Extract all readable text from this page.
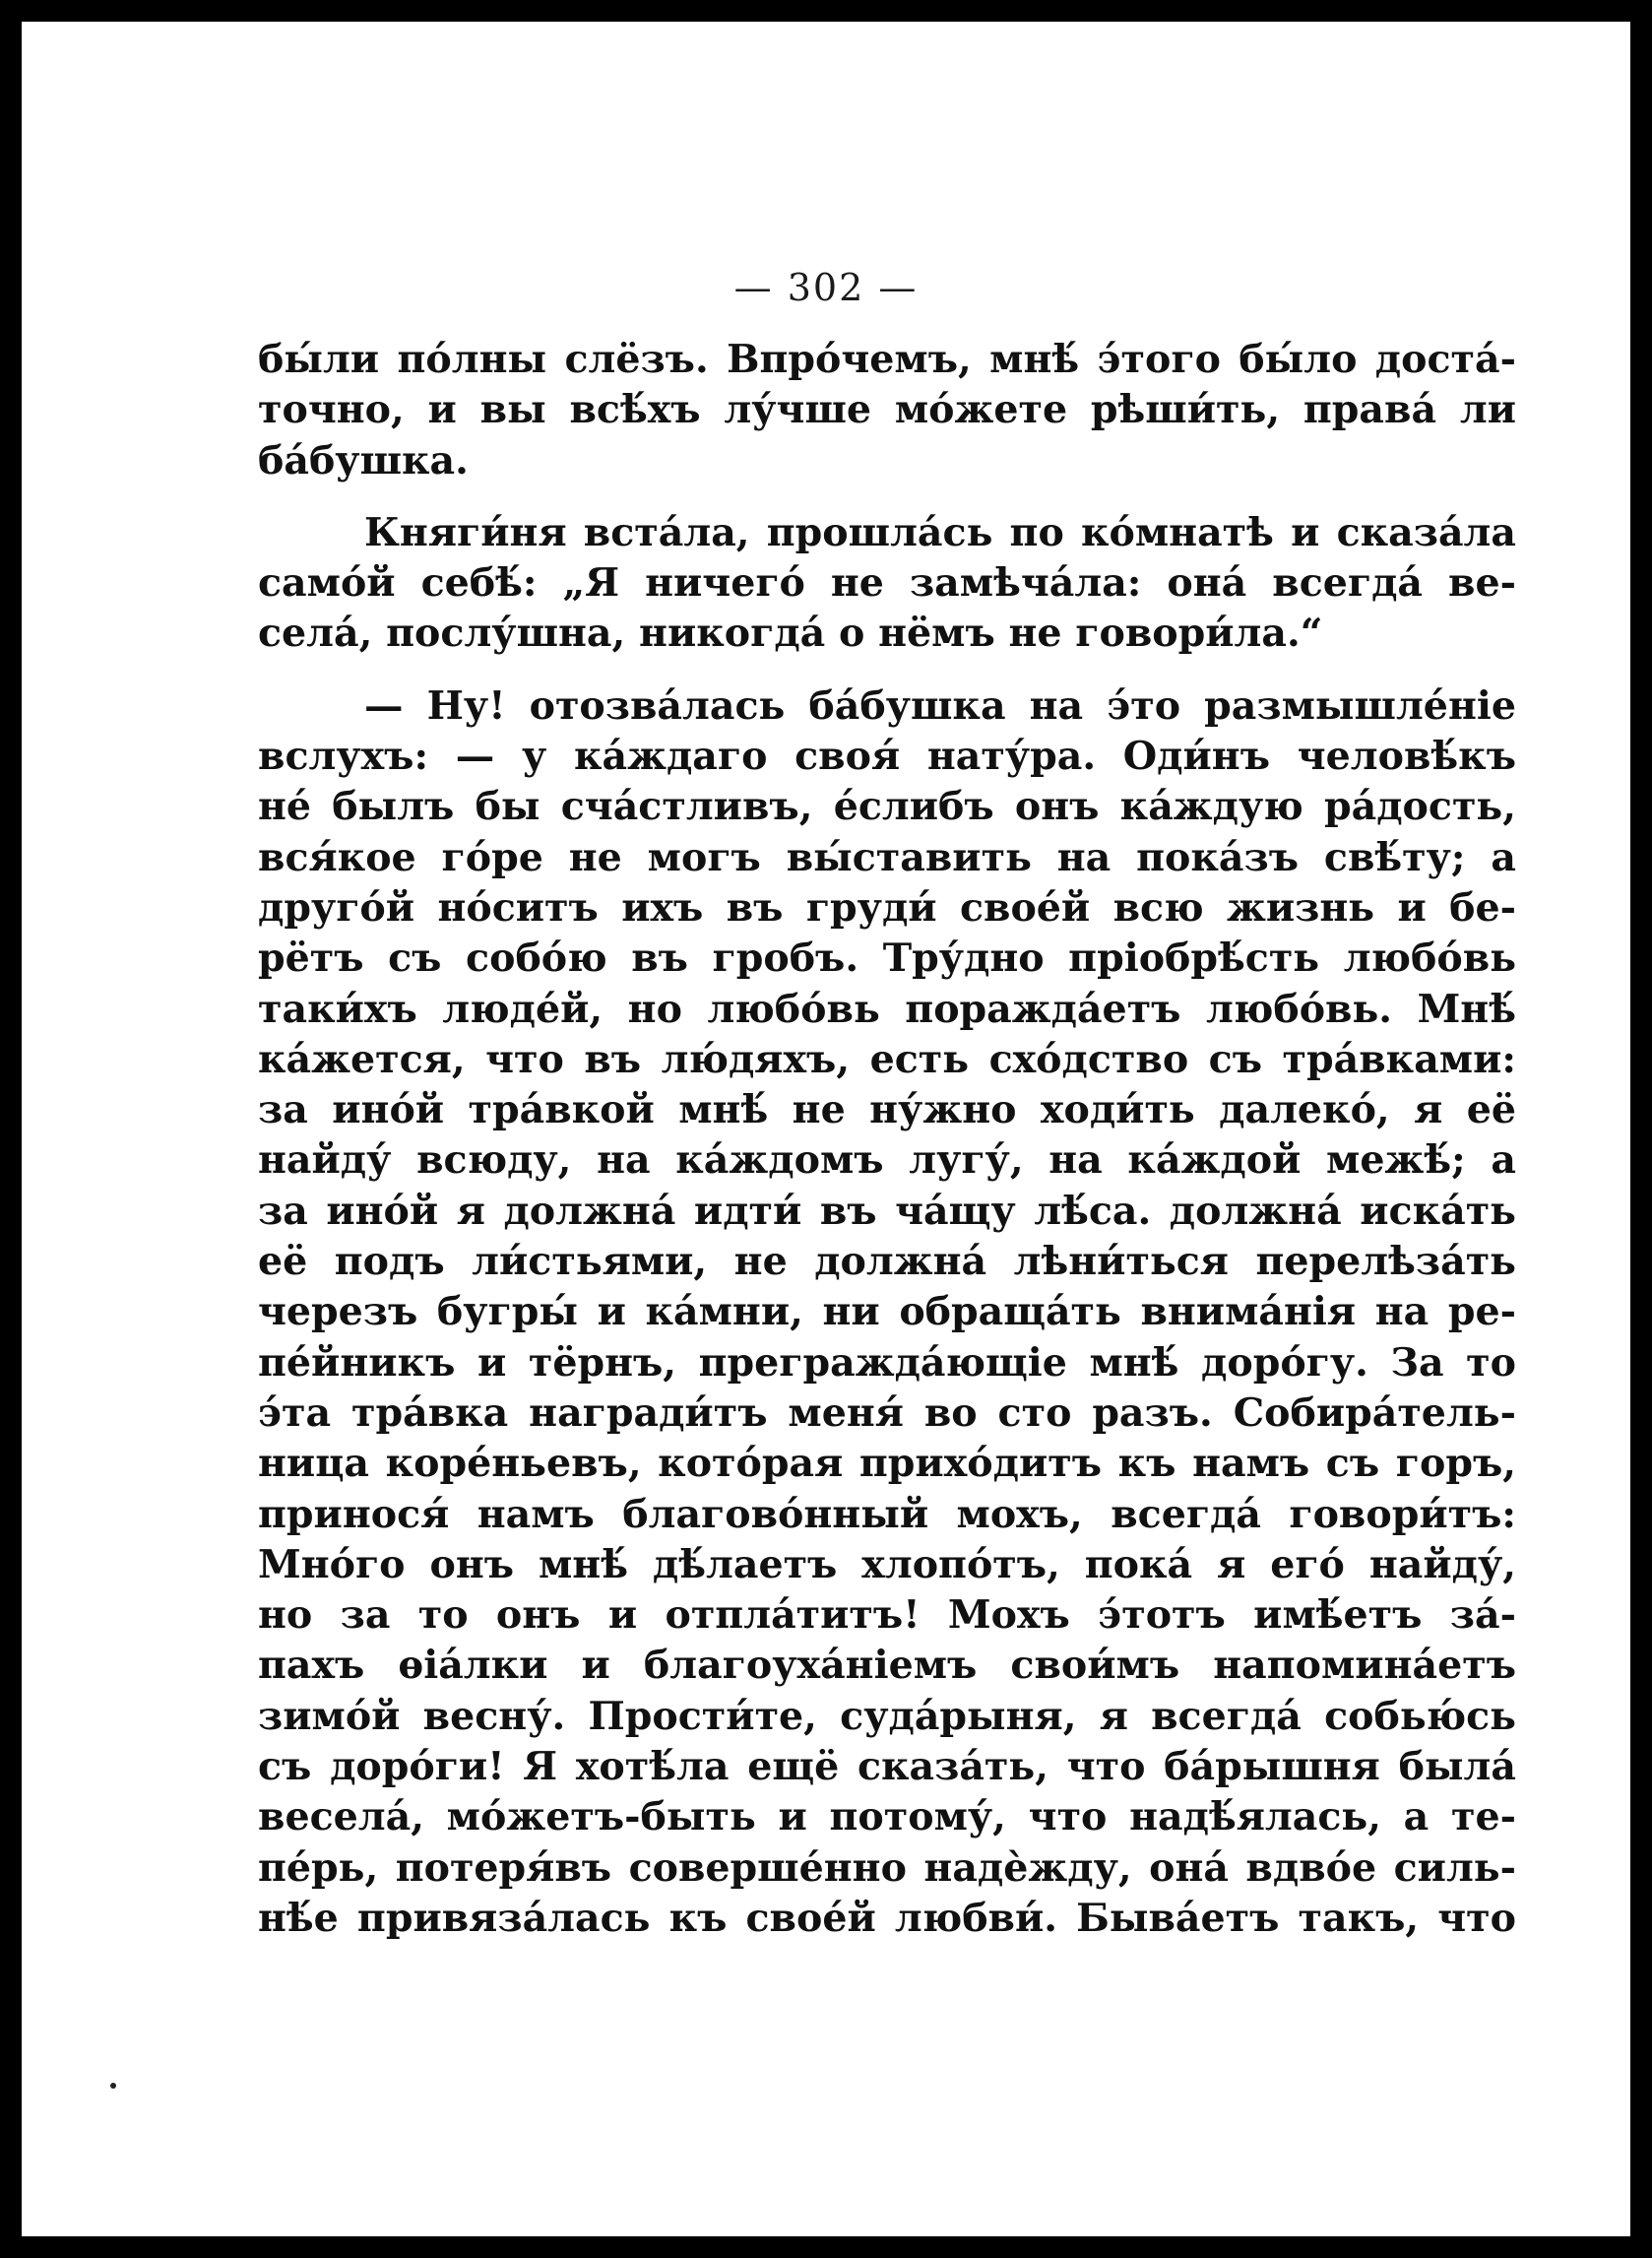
— 302 —

бы́ли по́лны слёзъ. Впро́чемъ, мнѣ́ э́того бы́ло доста́-
точно, и вы всѣ́хъ лу́чше мо́жете рѣши́ть, права́ ли
ба́бушка.

Княги́ня вста́ла, прошла́сь по ко́мнатѣ и сказа́ла
само́й себѣ́: „Я ничего́ не замѣча́ла: она́ всегда́ ве-
села́, послу́шна, никогда́ о нёмъ не говори́ла.“

— Ну! отозва́лась ба́бушка на э́то размышле́ніе
вслухъ: — у ка́ждаго своя́ нату́ра. Оди́нъ человѣ́къ
не́ былъ бы сча́стливъ, е́слибъ онъ ка́ждую ра́дость,
вся́кое го́ре не могъ вы́ставить на пока́зъ свѣ́ту; а
друго́й но́ситъ ихъ въ груди́ свое́й всю жизнь и бе-
рётъ съ собо́ю въ гробъ. Тру́дно пріобрѣ́сть любо́вь
таки́хъ люде́й, но любо́вь поражда́етъ любо́вь. Мнѣ́
ка́жется, что въ лю́дяхъ, есть схо́дство съ тра́вками:
за ино́й тра́вкой мнѣ́ не ну́жно ходи́ть далеко́, я её
найду́ всюду, на ка́ждомъ лугу́, на ка́ждой межѣ́; а
за ино́й я должна́ идти́ въ ча́щу лѣ́са. должна́ иска́ть
её подъ ли́стьями, не должна́ лѣни́ться перелѣза́ть
черезъ бугры́ и ка́мни, ни обраща́ть внима́нія на ре-
пе́йникъ и тёрнъ, прегражда́ющіе мнѣ́ доро́гу. За то
э́та тра́вка награди́тъ меня́ во сто разъ. Собира́тель-
ница коре́ньевъ, кото́рая прихо́дитъ къ намъ съ горъ,
принося́ намъ благово́нный мохъ, всегда́ говори́тъ:
Мно́го онъ мнѣ́ дѣ́лаетъ хлопо́тъ, пока́ я его́ найду́,
но за то онъ и отпла́титъ! Мохъ э́тотъ имѣ́етъ за́-
пахъ ѳіа́лки и благоуха́ніемъ свои́мъ напомина́етъ
зимо́й весну́. Прости́те, суда́рыня, я всегда́ собью́сь
съ доро́ги! Я хотѣ́ла ещё сказа́ть, что ба́рышня была́
весела́, мо́жетъ-быть и потому́, что надѣ́ялась, а те-
пе́рь, потеря́въ соверше́нно надѐжду, она́ вдво́е силь-
нѣ́е привяза́лась къ свое́й любви́. Быва́етъ такъ, что
